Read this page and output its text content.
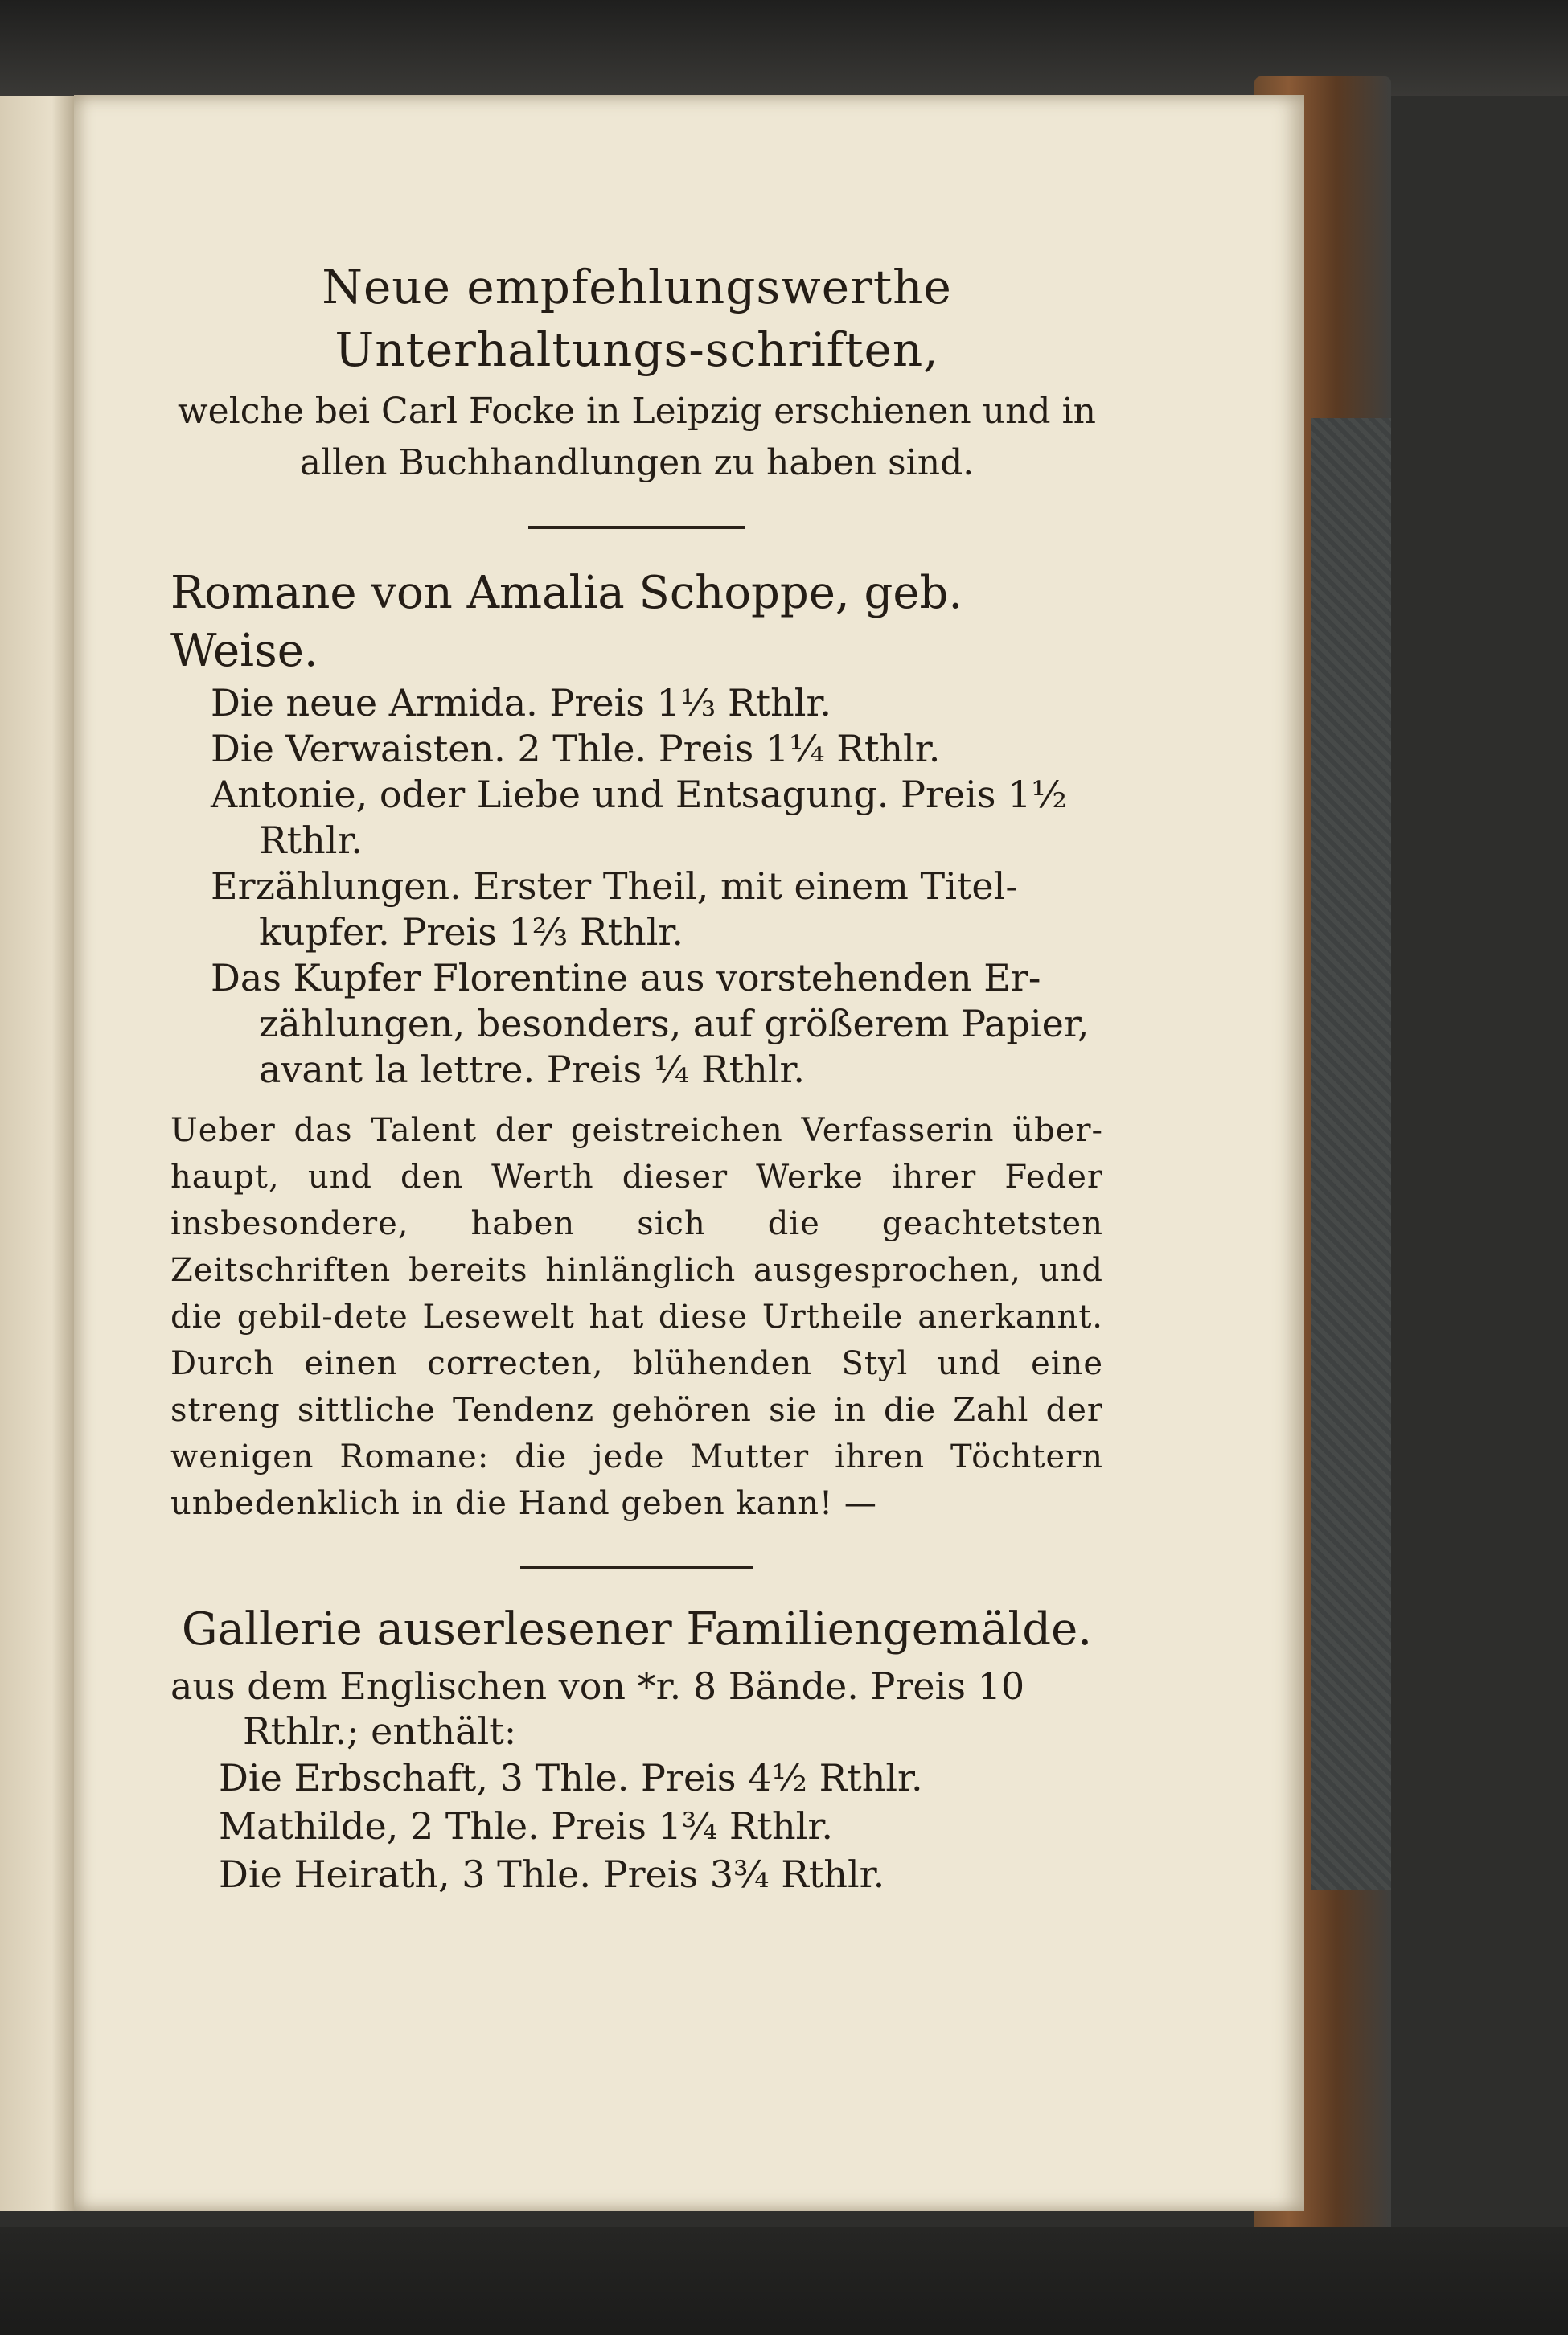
Neue empfehlungswerthe Unterhaltungs-schriften,
welche bei Carl Focke in Leipzig erschienen und in allen Buchhandlungen zu haben sind.
Romane von Amalia Schoppe, geb. Weise.
Die neue Armida. Preis 1⅓ Rthlr.
Die Verwaisten. 2 Thle. Preis 1¼ Rthlr.
Antonie, oder Liebe und Entsagung. Preis 1½ Rthlr.
Erzählungen. Erster Theil, mit einem Titel-kupfer. Preis 1⅔ Rthlr.
Das Kupfer Florentine aus vorstehenden Er-zählungen, besonders, auf größerem Papier, avant la lettre. Preis ¼ Rthlr.
Ueber das Talent der geistreichen Verfasserin über-haupt, und den Werth dieser Werke ihrer Feder insbesondere, haben sich die geachtetsten Zeitschriften bereits hinlänglich ausgesprochen, und die gebil-dete Lesewelt hat diese Urtheile anerkannt. Durch einen correcten, blühenden Styl und eine streng sittliche Tendenz gehören sie in die Zahl der wenigen Romane: die jede Mutter ihren Töchtern unbedenklich in die Hand geben kann! —
Gallerie auserlesener Familiengemälde.
aus dem Englischen von *r. 8 Bände. Preis 10 Rthlr.; enthält:
Die Erbschaft, 3 Thle. Preis 4½ Rthlr.
Mathilde, 2 Thle. Preis 1¾ Rthlr.
Die Heirath, 3 Thle. Preis 3¾ Rthlr.
